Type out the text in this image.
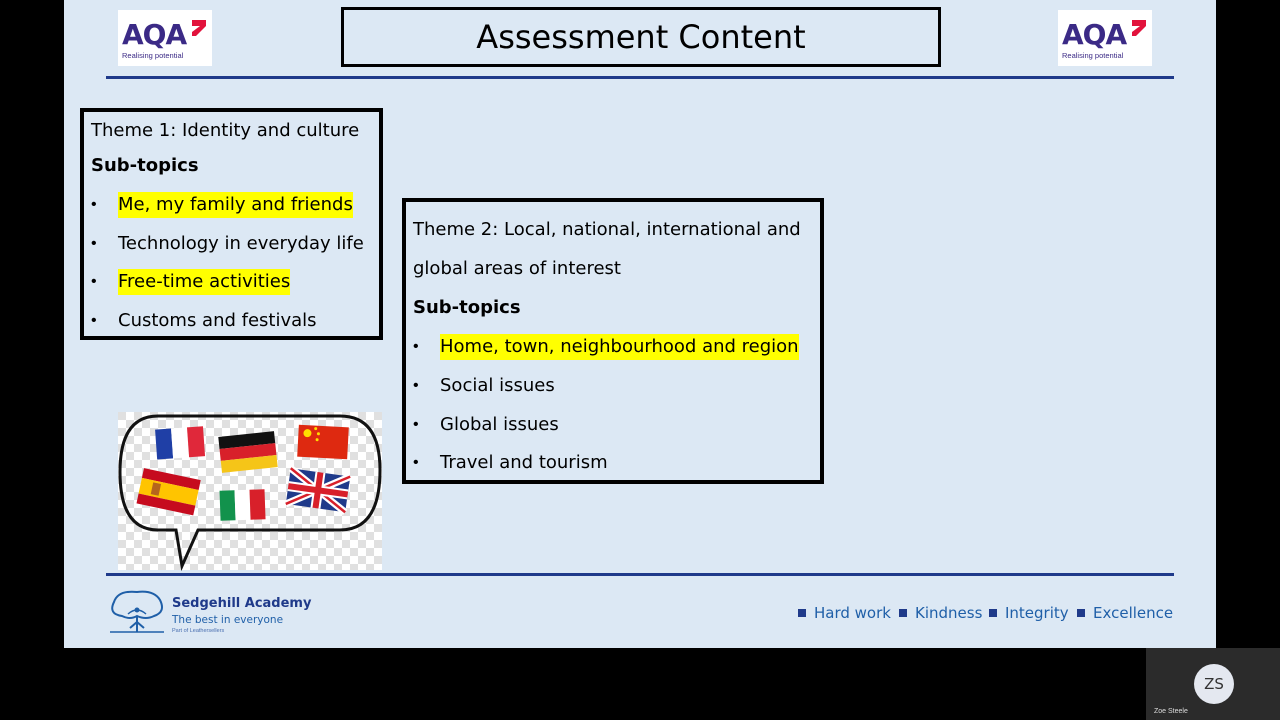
AQA
Realising potential	Assessment Content	AQA
Realising potential
Theme 1: Identity and culture
Sub-topics
• Me, my family and friends
• Technology in everyday life
• Free-time activities
• Customs and festivals
Theme 2: Local, national, international and
global areas of interest
Sub-topics
• Home, town, neighbourhood and region
• Social issues
• Global issues
• Travel and tourism
Sedgehill Academy
The best in everyone
Part of Leathersellers
Hard work	Kindness	Integrity	Excellence
ZS
Zoe Steele
